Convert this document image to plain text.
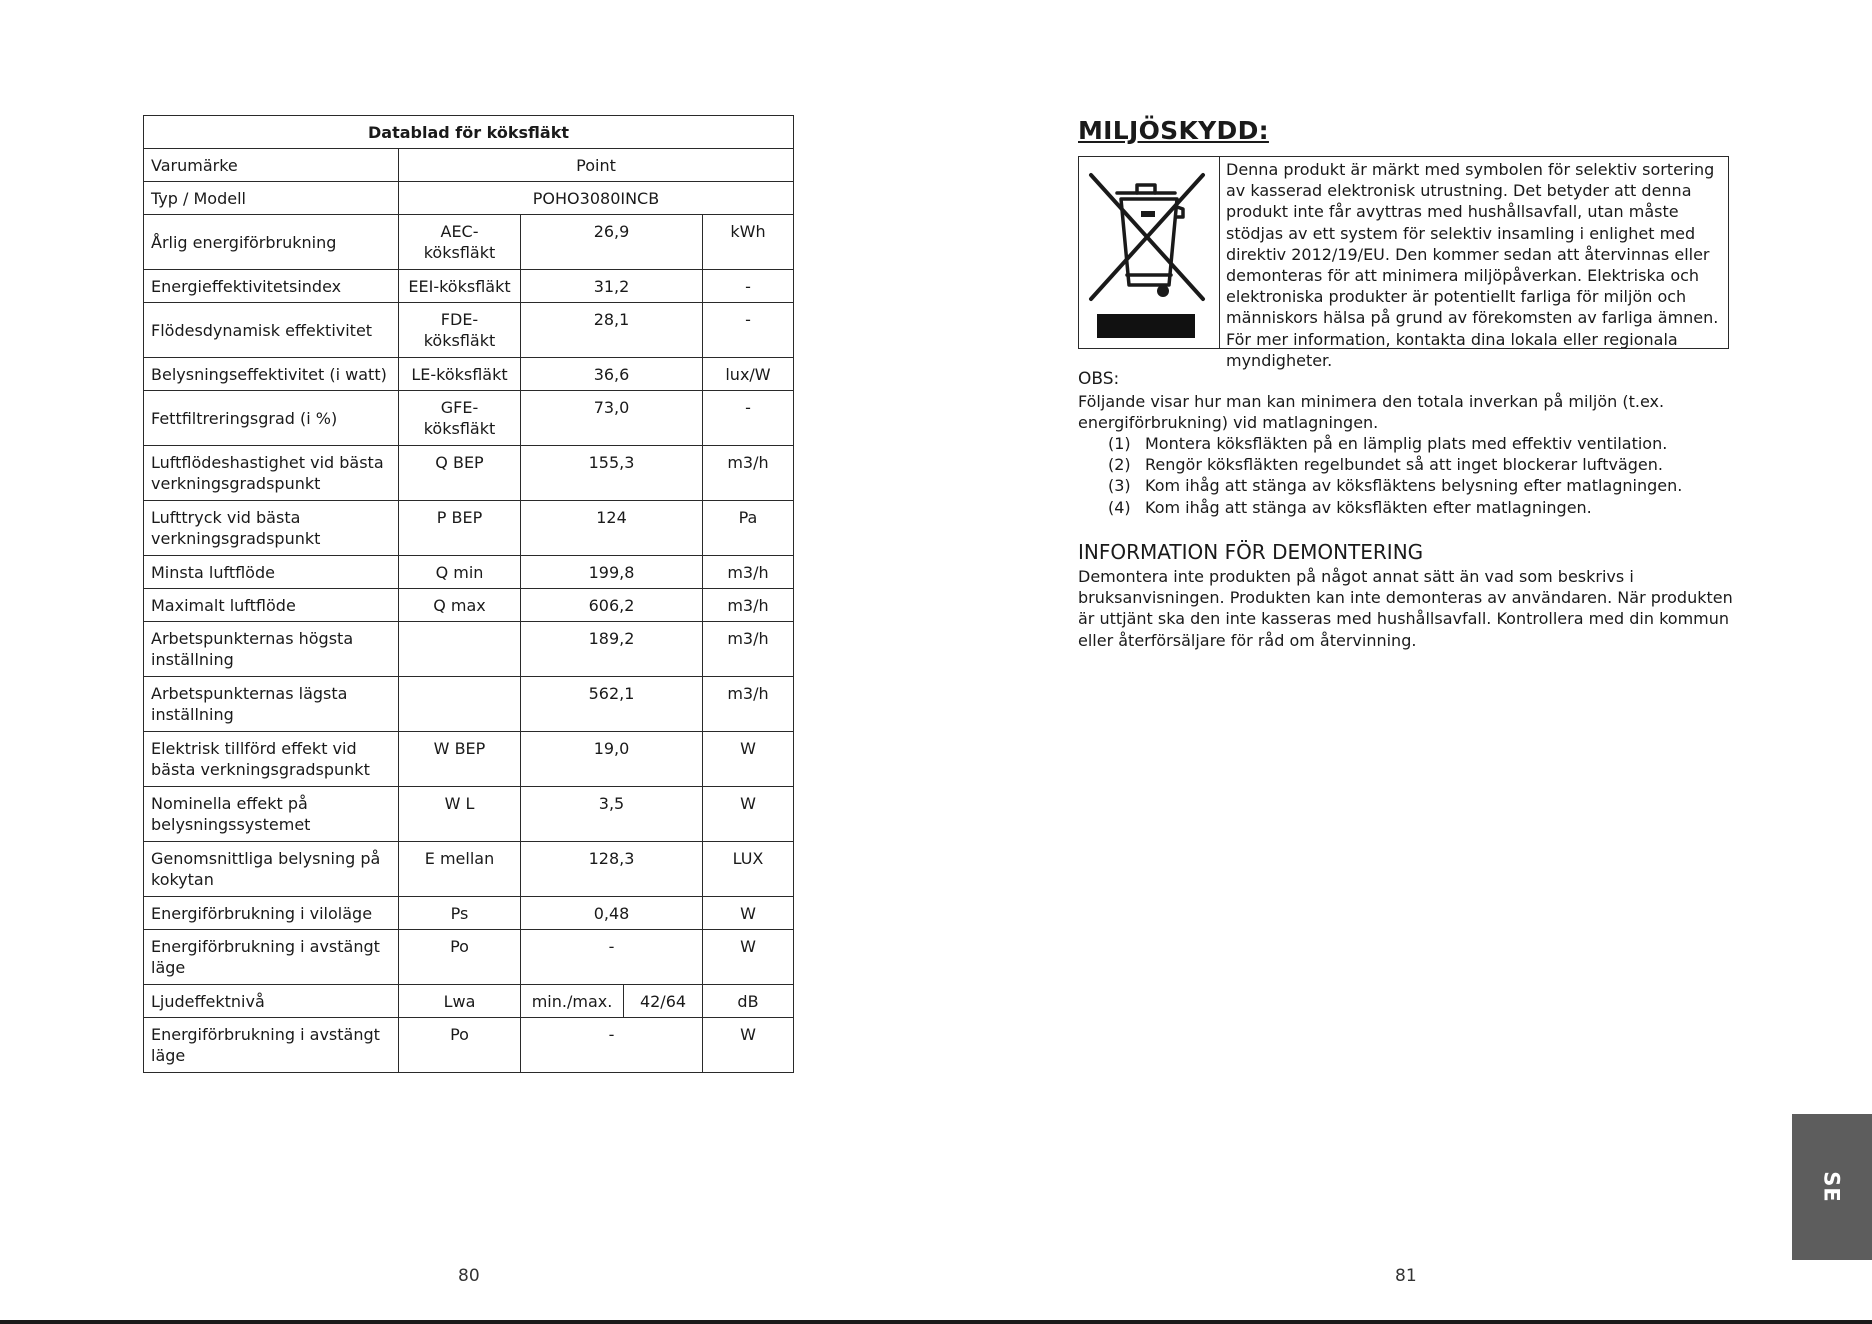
Datablad för köksfläkt				
Varumärke	Point			
Typ / Modell	POHO3080INCB			
Årlig energiförbrukning	AEC-köksfläkt	26,9		kWh
Energieffektivitetsindex	EEI-köksfläkt	31,2		-
Flödesdynamisk effektivitet	FDE-köksfläkt	28,1		-
Belysningseffektivitet (i watt)	LE-köksfläkt	36,6		lux/W
Fettfiltreringsgrad (i %)	GFE-köksfläkt	73,0		-
Luftflödeshastighet vid bästa verkningsgradspunkt	Q BEP	155,3		m3/h
Lufttryck vid bästa verkningsgradspunkt	P BEP	124		Pa
Minsta luftflöde	Q min	199,8		m3/h
Maximalt luftflöde	Q max	606,2		m3/h
Arbetspunkternas högsta inställning		189,2		m3/h
Arbetspunkternas lägsta inställning		562,1		m3/h
Elektrisk tillförd effekt vid bästa verkningsgradspunkt	W BEP	19,0		W
Nominella effekt på belysningssystemet	W L	3,5		W
Genomsnittliga belysning på kokytan	E mellan	128,3		LUX
Energiförbrukning i viloläge	Ps	0,48		W
Energiförbrukning i avstängt läge	Po	-		W
Ljudeffektnivå	Lwa	min./max.	42/64	dB
Energiförbrukning i avstängt läge	Po	-		W
80
MILJÖSKYDD:
Denna produkt är märkt med symbolen för selektiv sortering av kasserad elektronisk utrustning. Det betyder att denna produkt inte får avyttras med hushållsavfall, utan måste stödjas av ett system för selektiv insamling i enlighet med direktiv 2012/19/EU. Den kommer sedan att återvinnas eller demonteras för att minimera miljöpåverkan. Elektriska och elektroniska produkter är potentiellt farliga för miljön och människors hälsa på grund av förekomsten av farliga ämnen. För mer information, kontakta dina lokala eller regionala myndigheter.
OBS:
Följande visar hur man kan minimera den totala inverkan på miljön (t.ex. energiförbrukning) vid matlagningen.
(1) Montera köksfläkten på en lämplig plats med effektiv ventilation.
(2) Rengör köksfläkten regelbundet så att inget blockerar luftvägen.
(3) Kom ihåg att stänga av köksfläktens belysning efter matlagningen.
(4) Kom ihåg att stänga av köksfläkten efter matlagningen.
INFORMATION FÖR DEMONTERING
Demontera inte produkten på något annat sätt än vad som beskrivs i bruksanvisningen. Produkten kan inte demonteras av användaren. När produkten är uttjänt ska den inte kasseras med hushållsavfall. Kontrollera med din kommun eller återförsäljare för råd om återvinning.
81
SE
